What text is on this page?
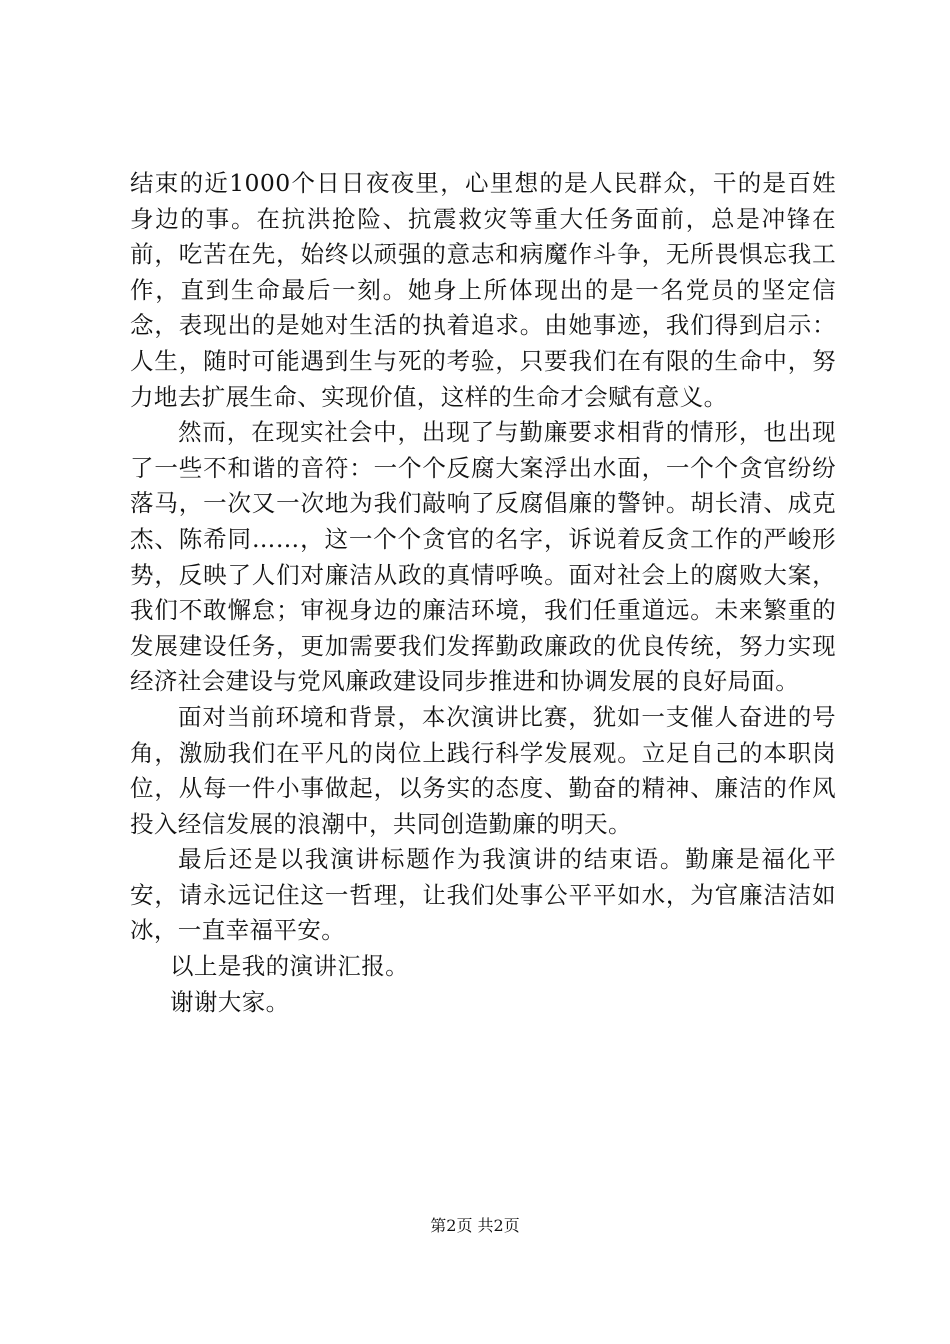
结束的近1000个日日夜夜里，心里想的是人民群众，干的是百姓身边的事。在抗洪抢险、抗震救灾等重大任务面前，总是冲锋在前，吃苦在先，始终以顽强的意志和病魔作斗争，无所畏惧忘我工作，直到生命最后一刻。她身上所体现出的是一名党员的坚定信念，表现出的是她对生活的执着追求。由她事迹，我们得到启示：人生，随时可能遇到生与死的考验，只要我们在有限的生命中，努力地去扩展生命、实现价值，这样的生命才会赋有意义。

然而，在现实社会中，出现了与勤廉要求相背的情形，也出现了一些不和谐的音符：一个个反腐大案浮出水面，一个个贪官纷纷落马，一次又一次地为我们敲响了反腐倡廉的警钟。胡长清、成克杰、陈希同……，这一个个贪官的名字，诉说着反贪工作的严峻形势，反映了人们对廉洁从政的真情呼唤。面对社会上的腐败大案，我们不敢懈怠；审视身边的廉洁环境，我们任重道远。未来繁重的发展建设任务，更加需要我们发挥勤政廉政的优良传统，努力实现经济社会建设与党风廉政建设同步推进和协调发展的良好局面。

面对当前环境和背景，本次演讲比赛，犹如一支催人奋进的号角，激励我们在平凡的岗位上践行科学发展观。立足自己的本职岗位，从每一件小事做起，以务实的态度、勤奋的精神、廉洁的作风投入经信发展的浪潮中，共同创造勤廉的明天。

最后还是以我演讲标题作为我演讲的结束语。勤廉是福化平安，请永远记住这一哲理，让我们处事公平平如水，为官廉洁洁如冰，一直幸福平安。

以上是我的演讲汇报。

谢谢大家。

第2页 共2页
